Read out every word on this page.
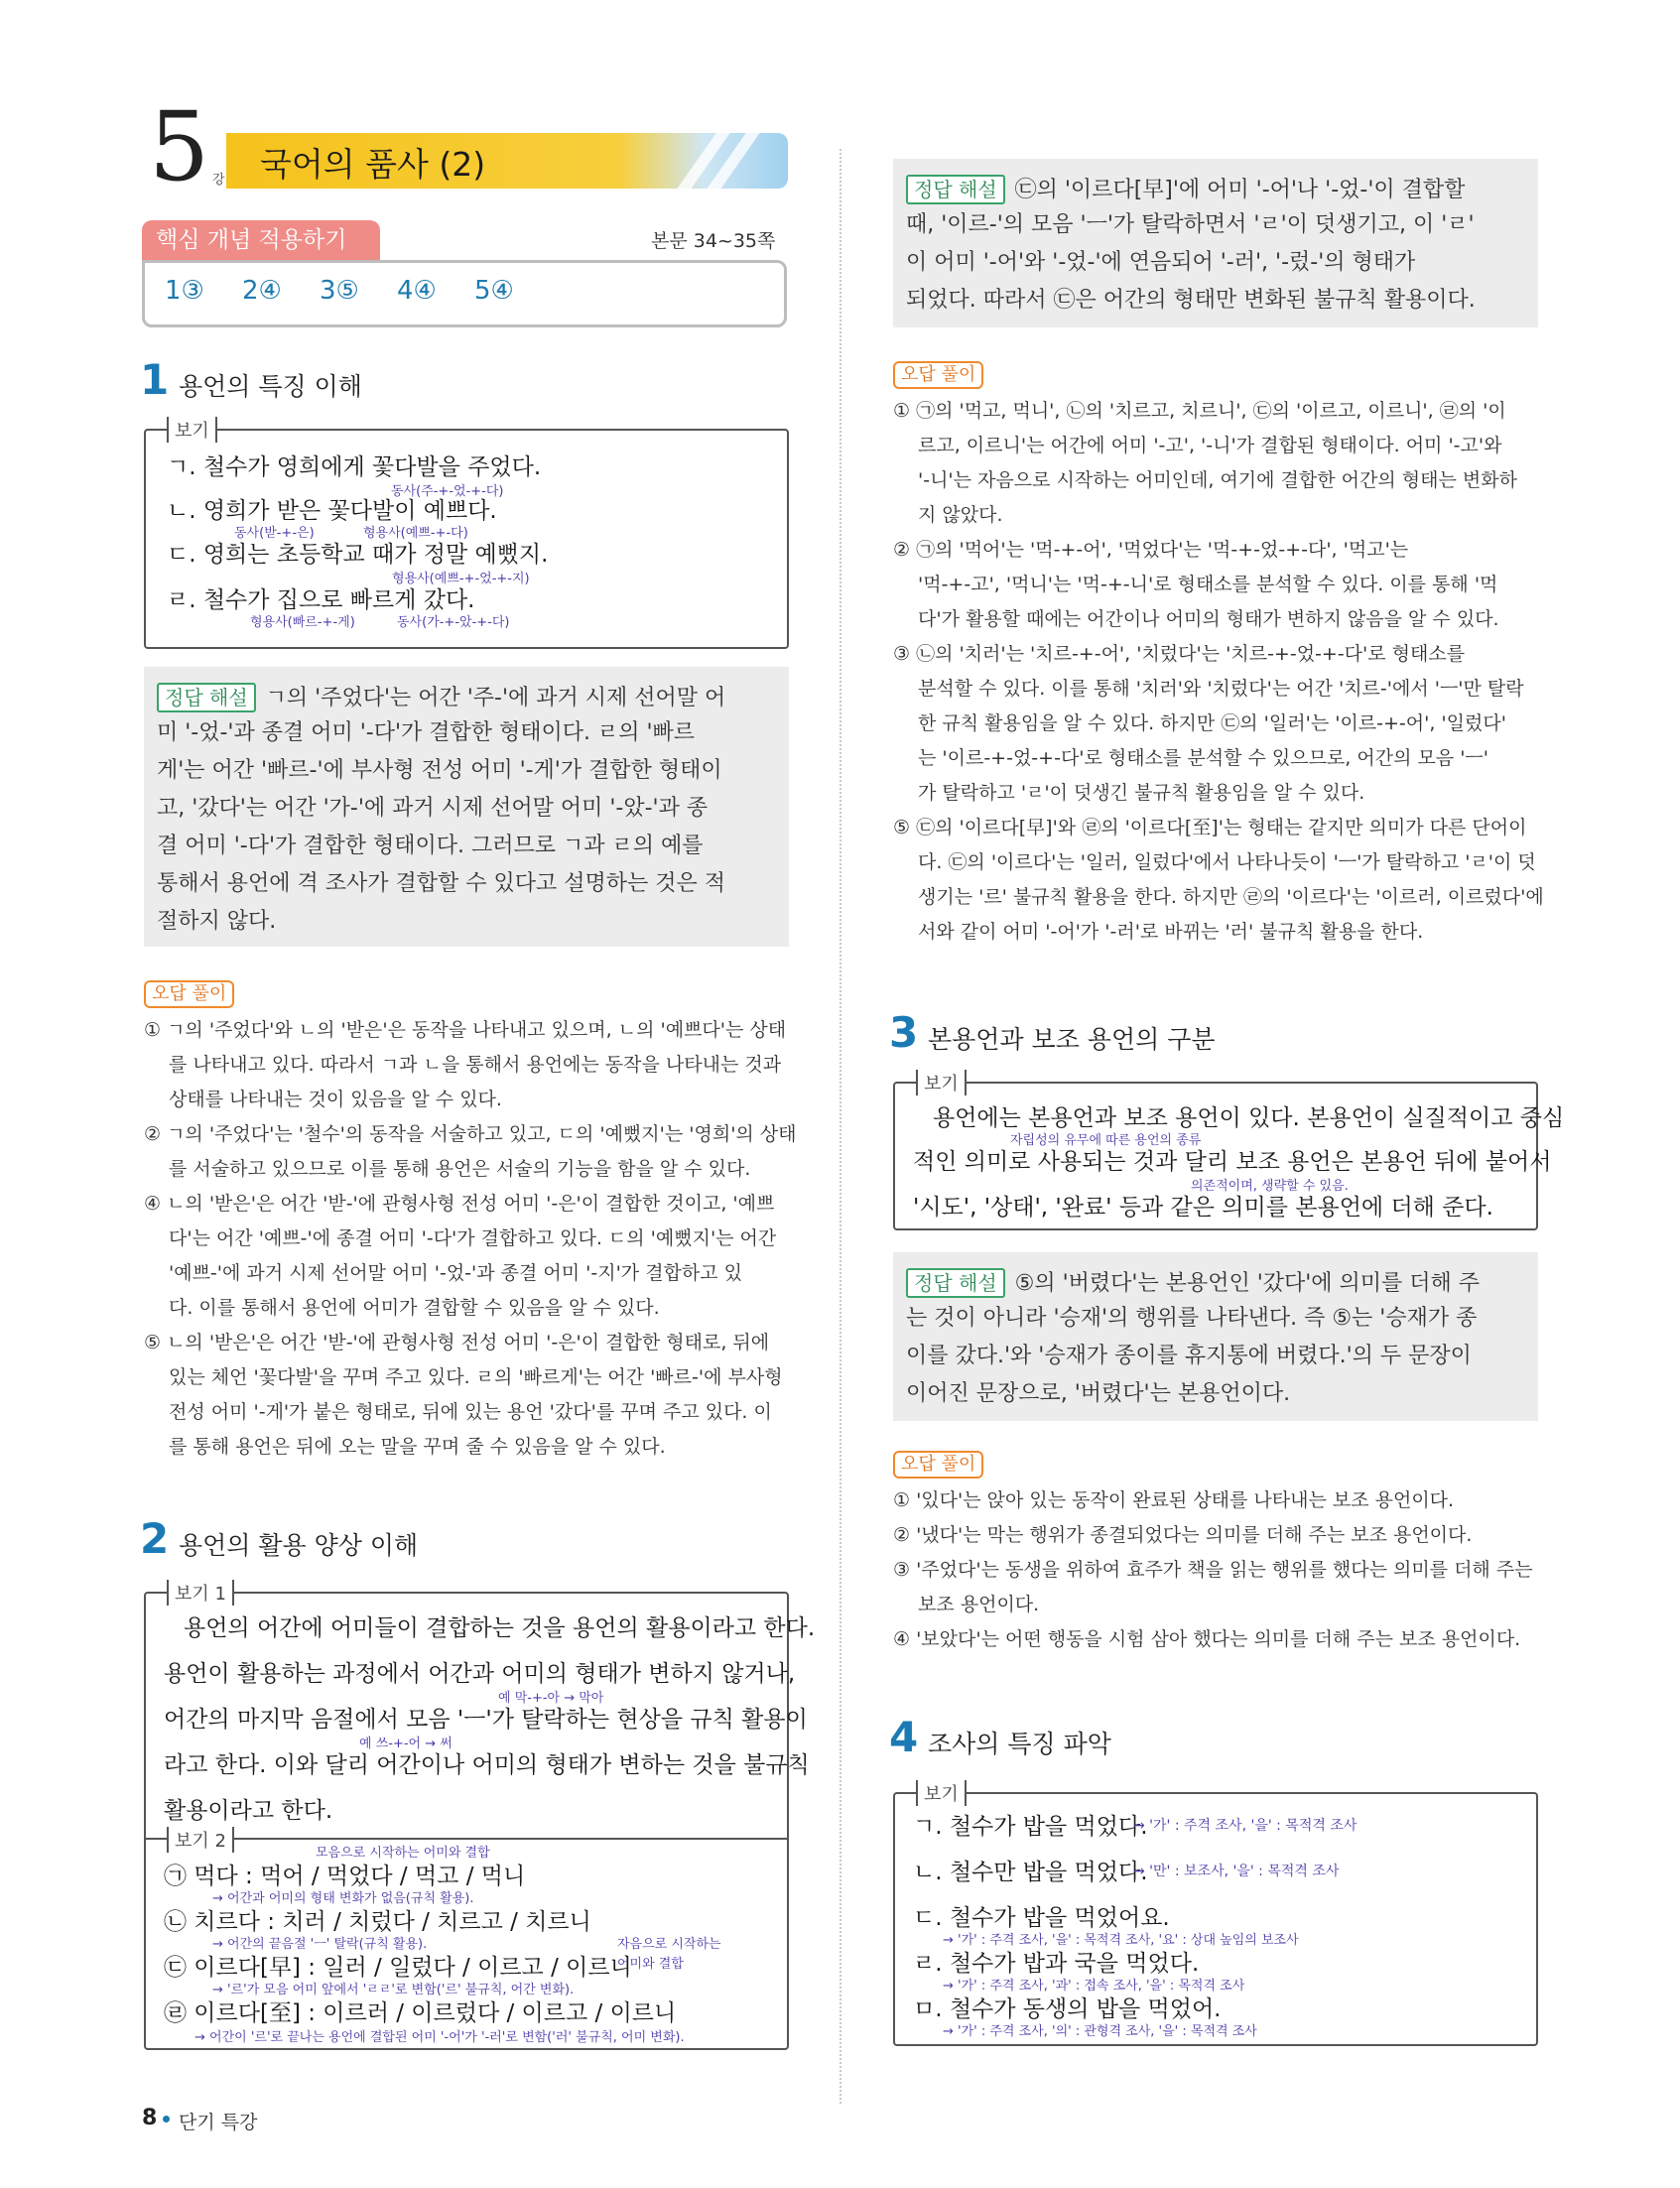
5 강 국어의 품사 (2)
핵심 개념 적용하기	본문 34~35쪽
1③ 2④ 3⑤ 4④ 5④
1 용언의 특징 이해
보기
ㄱ. 철수가 영희에게 꽃다발을 주었다.
동사(주-+-었-+-다)
ㄴ. 영희가 받은 꽃다발이 예쁘다.
동사(받-+-은)	형용사(예쁘-+-다)
ㄷ. 영희는 초등학교 때가 정말 예뻤지.
형용사(예쁘-+-었-+-지)
ㄹ. 철수가 집으로 빠르게 갔다.
형용사(빠르-+-게)	동사(가-+-았-+-다)
정답 해설 ㄱ의 '주었다'는 어간 '주-'에 과거 시제 선어말 어
미 '-었-'과 종결 어미 '-다'가 결합한 형태이다. ㄹ의 '빠르
게'는 어간 '빠르-'에 부사형 전성 어미 '-게'가 결합한 형태이
고, '갔다'는 어간 '가-'에 과거 시제 선어말 어미 '-았-'과 종
결 어미 '-다'가 결합한 형태이다. 그러므로 ㄱ과 ㄹ의 예를
통해서 용언에 격 조사가 결합할 수 있다고 설명하는 것은 적
절하지 않다.
오답 풀이
① ㄱ의 '주었다'와 ㄴ의 '받은'은 동작을 나타내고 있으며, ㄴ의 '예쁘다'는 상태
를 나타내고 있다. 따라서 ㄱ과 ㄴ을 통해서 용언에는 동작을 나타내는 것과
상태를 나타내는 것이 있음을 알 수 있다.
② ㄱ의 '주었다'는 '철수'의 동작을 서술하고 있고, ㄷ의 '예뻤지'는 '영희'의 상태
를 서술하고 있으므로 이를 통해 용언은 서술의 기능을 함을 알 수 있다.
④ ㄴ의 '받은'은 어간 '받-'에 관형사형 전성 어미 '-은'이 결합한 것이고, '예쁘
다'는 어간 '예쁘-'에 종결 어미 '-다'가 결합하고 있다. ㄷ의 '예뻤지'는 어간
'예쁘-'에 과거 시제 선어말 어미 '-었-'과 종결 어미 '-지'가 결합하고 있
다. 이를 통해서 용언에 어미가 결합할 수 있음을 알 수 있다.
⑤ ㄴ의 '받은'은 어간 '받-'에 관형사형 전성 어미 '-은'이 결합한 형태로, 뒤에
있는 체언 '꽃다발'을 꾸며 주고 있다. ㄹ의 '빠르게'는 어간 '빠르-'에 부사형
전성 어미 '-게'가 붙은 형태로, 뒤에 있는 용언 '갔다'를 꾸며 주고 있다. 이
를 통해 용언은 뒤에 오는 말을 꾸며 줄 수 있음을 알 수 있다.
2 용언의 활용 양상 이해
보기 1
용언의 어간에 어미들이 결합하는 것을 용언의 활용이라고 한다.
용언이 활용하는 과정에서 어간과 어미의 형태가 변하지 않거나,
예 막-+-아 → 막아
어간의 마지막 음절에서 모음 'ㅡ'가 탈락하는 현상을 규칙 활용이
예 쓰-+-어 → 써
라고 한다. 이와 달리 어간이나 어미의 형태가 변하는 것을 불규칙
활용이라고 한다.
보기 2
모음으로 시작하는 어미와 결합
㉠ 먹다 : 먹어 / 먹었다 / 먹고 / 먹니
→ 어간과 어미의 형태 변화가 없음(규칙 활용).
㉡ 치르다 : 치러 / 치렀다 / 치르고 / 치르니
→ 어간의 끝음절 'ㅡ' 탈락(규칙 활용).	자음으로 시작하는
어미와 결합
㉢ 이르다[早] : 일러 / 일렀다 / 이르고 / 이르니
→ '르'가 모음 어미 앞에서 'ㄹㄹ'로 변함('르' 불규칙, 어간 변화).
㉣ 이르다[至] : 이르러 / 이르렀다 / 이르고 / 이르니
→ 어간이 '르'로 끝나는 용언에 결합된 어미 '-어'가 '-러'로 변함('러' 불규칙, 어미 변화).
정답 해설 ㉢의 '이르다[早]'에 어미 '-어'나 '-었-'이 결합할
때, '이르-'의 모음 'ㅡ'가 탈락하면서 'ㄹ'이 덧생기고, 이 'ㄹ'
이 어미 '-어'와 '-었-'에 연음되어 '-러', '-렀-'의 형태가
되었다. 따라서 ㉢은 어간의 형태만 변화된 불규칙 활용이다.
오답 풀이
① ㉠의 '먹고, 먹니', ㉡의 '치르고, 치르니', ㉢의 '이르고, 이르니', ㉣의 '이
르고, 이르니'는 어간에 어미 '-고', '-니'가 결합된 형태이다. 어미 '-고'와
'-니'는 자음으로 시작하는 어미인데, 여기에 결합한 어간의 형태는 변화하
지 않았다.
② ㉠의 '먹어'는 '먹-+-어', '먹었다'는 '먹-+-었-+-다', '먹고'는
'먹-+-고', '먹니'는 '먹-+-니'로 형태소를 분석할 수 있다. 이를 통해 '먹
다'가 활용할 때에는 어간이나 어미의 형태가 변하지 않음을 알 수 있다.
③ ㉡의 '치러'는 '치르-+-어', '치렀다'는 '치르-+-었-+-다'로 형태소를
분석할 수 있다. 이를 통해 '치러'와 '치렀다'는 어간 '치르-'에서 'ㅡ'만 탈락
한 규칙 활용임을 알 수 있다. 하지만 ㉢의 '일러'는 '이르-+-어', '일렀다'
는 '이르-+-었-+-다'로 형태소를 분석할 수 있으므로, 어간의 모음 'ㅡ'
가 탈락하고 'ㄹ'이 덧생긴 불규칙 활용임을 알 수 있다.
⑤ ㉢의 '이르다[早]'와 ㉣의 '이르다[至]'는 형태는 같지만 의미가 다른 단어이
다. ㉢의 '이르다'는 '일러, 일렀다'에서 나타나듯이 'ㅡ'가 탈락하고 'ㄹ'이 덧
생기는 '르' 불규칙 활용을 한다. 하지만 ㉣의 '이르다'는 '이르러, 이르렀다'에
서와 같이 어미 '-어'가 '-러'로 바뀌는 '러' 불규칙 활용을 한다.
3 본용언과 보조 용언의 구분
보기
용언에는 본용언과 보조 용언이 있다. 본용언이 실질적이고 중심
자립성의 유무에 따른 용언의 종류
적인 의미로 사용되는 것과 달리 보조 용언은 본용언 뒤에 붙어서
의존적이며, 생략할 수 있음.
'시도', '상태', '완료' 등과 같은 의미를 본용언에 더해 준다.
정답 해설 ⑤의 '버렸다'는 본용언인 '갔다'에 의미를 더해 주
는 것이 아니라 '승재'의 행위를 나타낸다. 즉 ⑤는 '승재가 종
이를 갔다.'와 '승재가 종이를 휴지통에 버렸다.'의 두 문장이
이어진 문장으로, '버렸다'는 본용언이다.
오답 풀이
① '있다'는 앉아 있는 동작이 완료된 상태를 나타내는 보조 용언이다.
② '냈다'는 막는 행위가 종결되었다는 의미를 더해 주는 보조 용언이다.
③ '주었다'는 동생을 위하여 효주가 책을 읽는 행위를 했다는 의미를 더해 주는
보조 용언이다.
④ '보았다'는 어떤 행동을 시험 삼아 했다는 의미를 더해 주는 보조 용언이다.
4 조사의 특징 파악
보기
ㄱ. 철수가 밥을 먹었다.
→ '가' : 주격 조사, '을' : 목적격 조사
ㄴ. 철수만 밥을 먹었다.
→ '만' : 보조사, '을' : 목적격 조사
ㄷ. 철수가 밥을 먹었어요.
→ '가' : 주격 조사, '을' : 목적격 조사, '요' : 상대 높임의 보조사
ㄹ. 철수가 밥과 국을 먹었다.
→ '가' : 주격 조사, '과' : 접속 조사, '을' : 목적격 조사
ㅁ. 철수가 동생의 밥을 먹었어.
→ '가' : 주격 조사, '의' : 관형격 조사, '을' : 목적격 조사
8 단기 특강
